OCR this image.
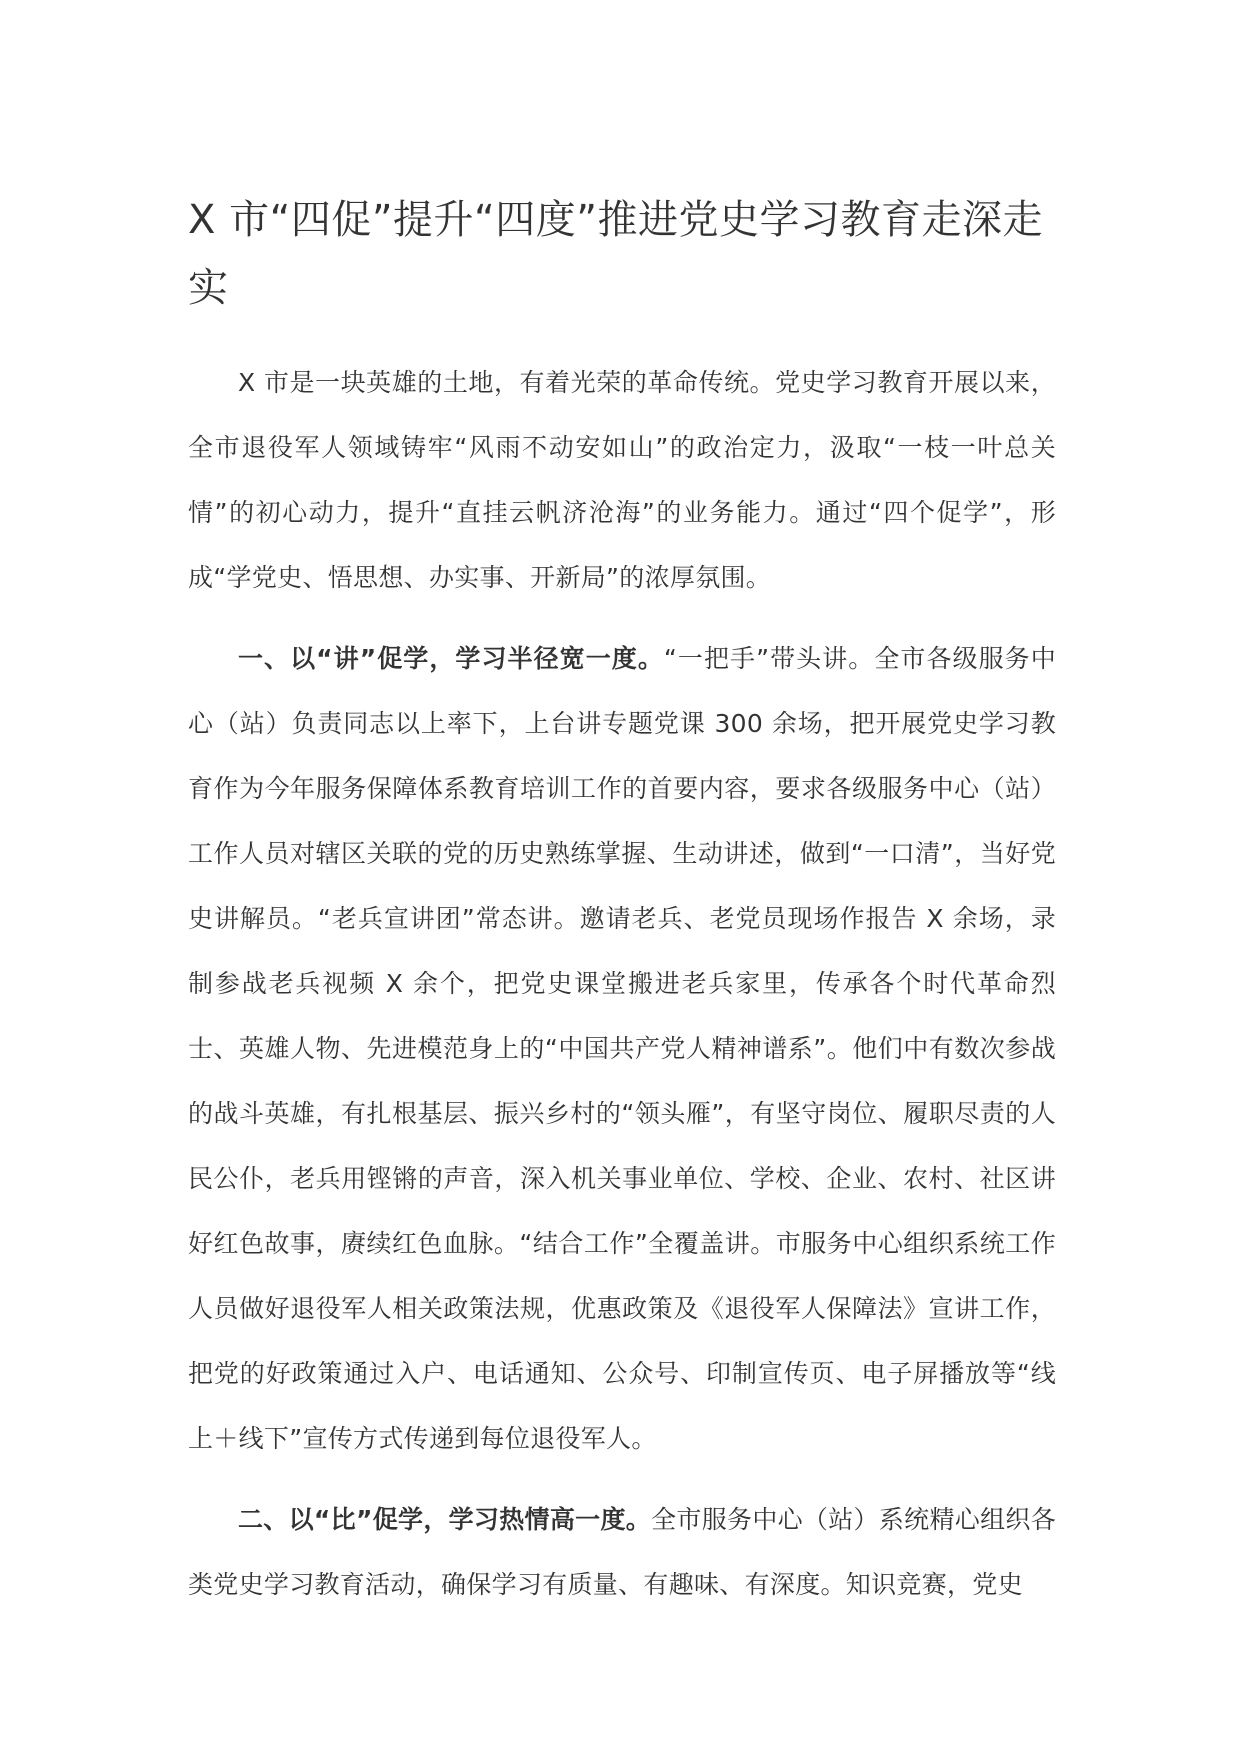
X 市“四促”提升“四度”推进党史学习教育走深走实

X 市是一块英雄的土地，有着光荣的革命传统。党史学习教育开展以来，全市退役军人领域铸牢“风雨不动安如山”的政治定力，汲取“一枝一叶总关情”的初心动力，提升“直挂云帆济沧海”的业务能力。通过“四个促学”，形成“学党史、悟思想、办实事、开新局”的浓厚氛围。

一、以“讲”促学，学习半径宽一度。“一把手”带头讲。全市各级服务中心（站）负责同志以上率下，上台讲专题党课 300 余场，把开展党史学习教育作为今年服务保障体系教育培训工作的首要内容，要求各级服务中心（站）工作人员对辖区关联的党的历史熟练掌握、生动讲述，做到“一口清”，当好党史讲解员。“老兵宣讲团”常态讲。邀请老兵、老党员现场作报告 X 余场，录制参战老兵视频 X 余个，把党史课堂搬进老兵家里，传承各个时代革命烈士、英雄人物、先进模范身上的“中国共产党人精神谱系”。他们中有数次参战的战斗英雄，有扎根基层、振兴乡村的“领头雁”，有坚守岗位、履职尽责的人民公仆，老兵用铿锵的声音，深入机关事业单位、学校、企业、农村、社区讲好红色故事，赓续红色血脉。“结合工作”全覆盖讲。市服务中心组织系统工作人员做好退役军人相关政策法规，优惠政策及《退役军人保障法》宣讲工作，把党的好政策通过入户、电话通知、公众号、印制宣传页、电子屏播放等“线上＋线下”宣传方式传递到每位退役军人。

二、以“比”促学，学习热情高一度。全市服务中心（站）系统精心组织各类党史学习教育活动，确保学习有质量、有趣味、有深度。知识竞赛，党史
